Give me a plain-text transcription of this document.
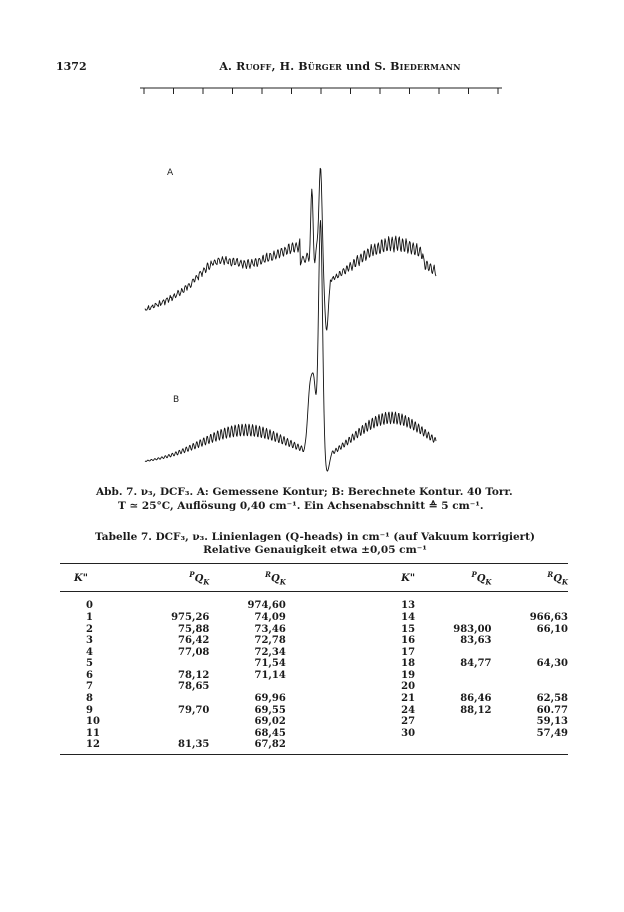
1372	A. Ruoff, H. Bürger und S. Biedermann
A
B
Abb. 7. ν₃, DCF₃. A: Gemessene Kontur; B: Berechnete Kontur. 40 Torr.
T ≃ 25°C, Auflösung 0,40 cm⁻¹. Ein Achsenabschnitt ≙ 5 cm⁻¹.
Tabelle 7. DCF₃, ν₃. Linienlagen (Q-heads) in cm⁻¹ (auf Vakuum korrigiert)
Relative Genauigkeit etwa ±0,05 cm⁻¹
K"	$^PQ_K$	$^RQ_K$	K"	$^PQ_K$	$^RQ_K$
0		974,60	13		
1	975,26	74,09	14		966,63
2	75,88	73,46	15	983,00	66,10
3	76,42	72,78	16	83,63	
4	77,08	72,34	17		
5		71,54	18	84,77	64,30
6	78,12	71,14	19		
7	78,65		20		
8		69,96	21	86,46	62,58
9	79,70	69,55	24	88,12	60.77
10		69,02	27		59,13
11		68,45	30		57,49
12	81,35	67,82			
